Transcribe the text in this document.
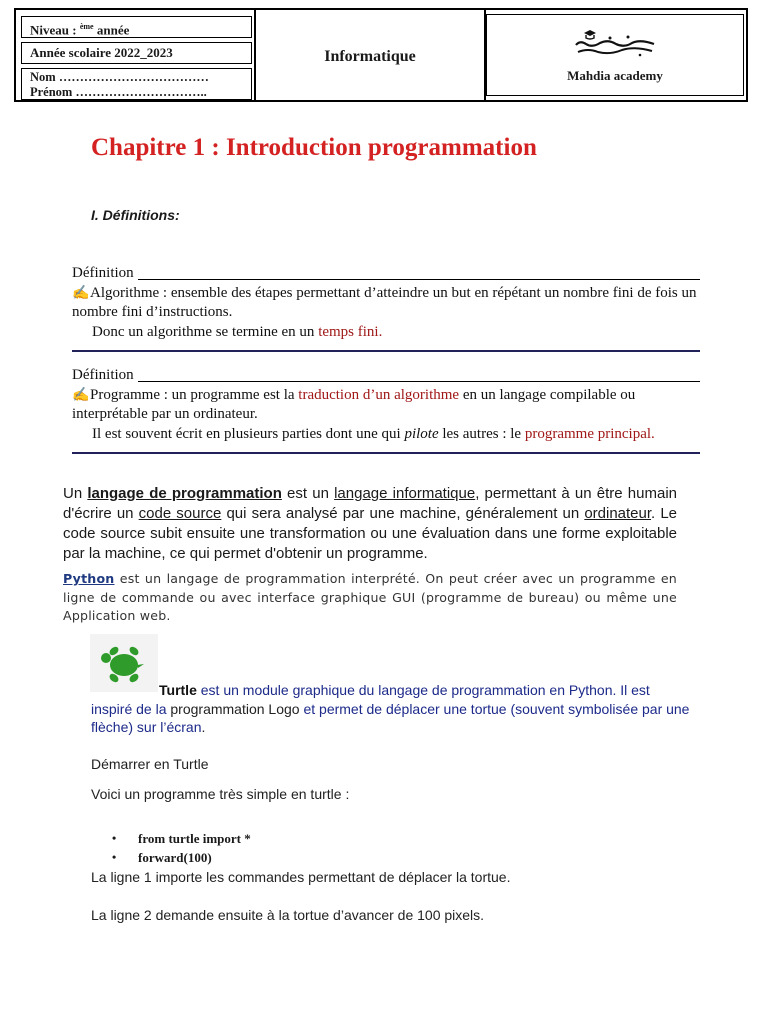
Niveau : $^{ème}$ année
Année scolaire 2022_2023
Nom ………………………………
Prénom …………………………..
Informatique
Mahdia academy
Chapitre 1 : Introduction programmation
I. Définitions:
Définition
✍Algorithme : ensemble des étapes permettant d’atteindre un but en répétant un nombre fini de fois un nombre fini d’instructions.
Donc un algorithme se termine en un temps fini.
Définition
✍Programme : un programme est la traduction d’un algorithme en un langage compilable ou interprétable par un ordinateur.
Il est souvent écrit en plusieurs parties dont une qui pilote les autres : le programme principal.
Un langage de programmation est un langage informatique, permettant à un être humain d'écrire un code source qui sera analysé par une machine, généralement un ordinateur. Le code source subit ensuite une transformation ou une évaluation dans une forme exploitable par la machine, ce qui permet d'obtenir un programme.
Python est un langage de programmation interprété. On peut créer avec un programme en ligne de commande ou avec interface graphique GUI (programme de bureau) ou même une Application web.
Turtle est un module graphique du langage de programmation en Python. Il est inspiré de la programmation Logo et permet de déplacer une tortue (souvent symbolisée par une flèche) sur l’écran.
Démarrer en Turtle
Voici un programme très simple en turtle :
• from turtle import *
• forward(100)
La ligne 1 importe les commandes permettant de déplacer la tortue.
La ligne 2 demande ensuite à la tortue d’avancer de 100 pixels.
